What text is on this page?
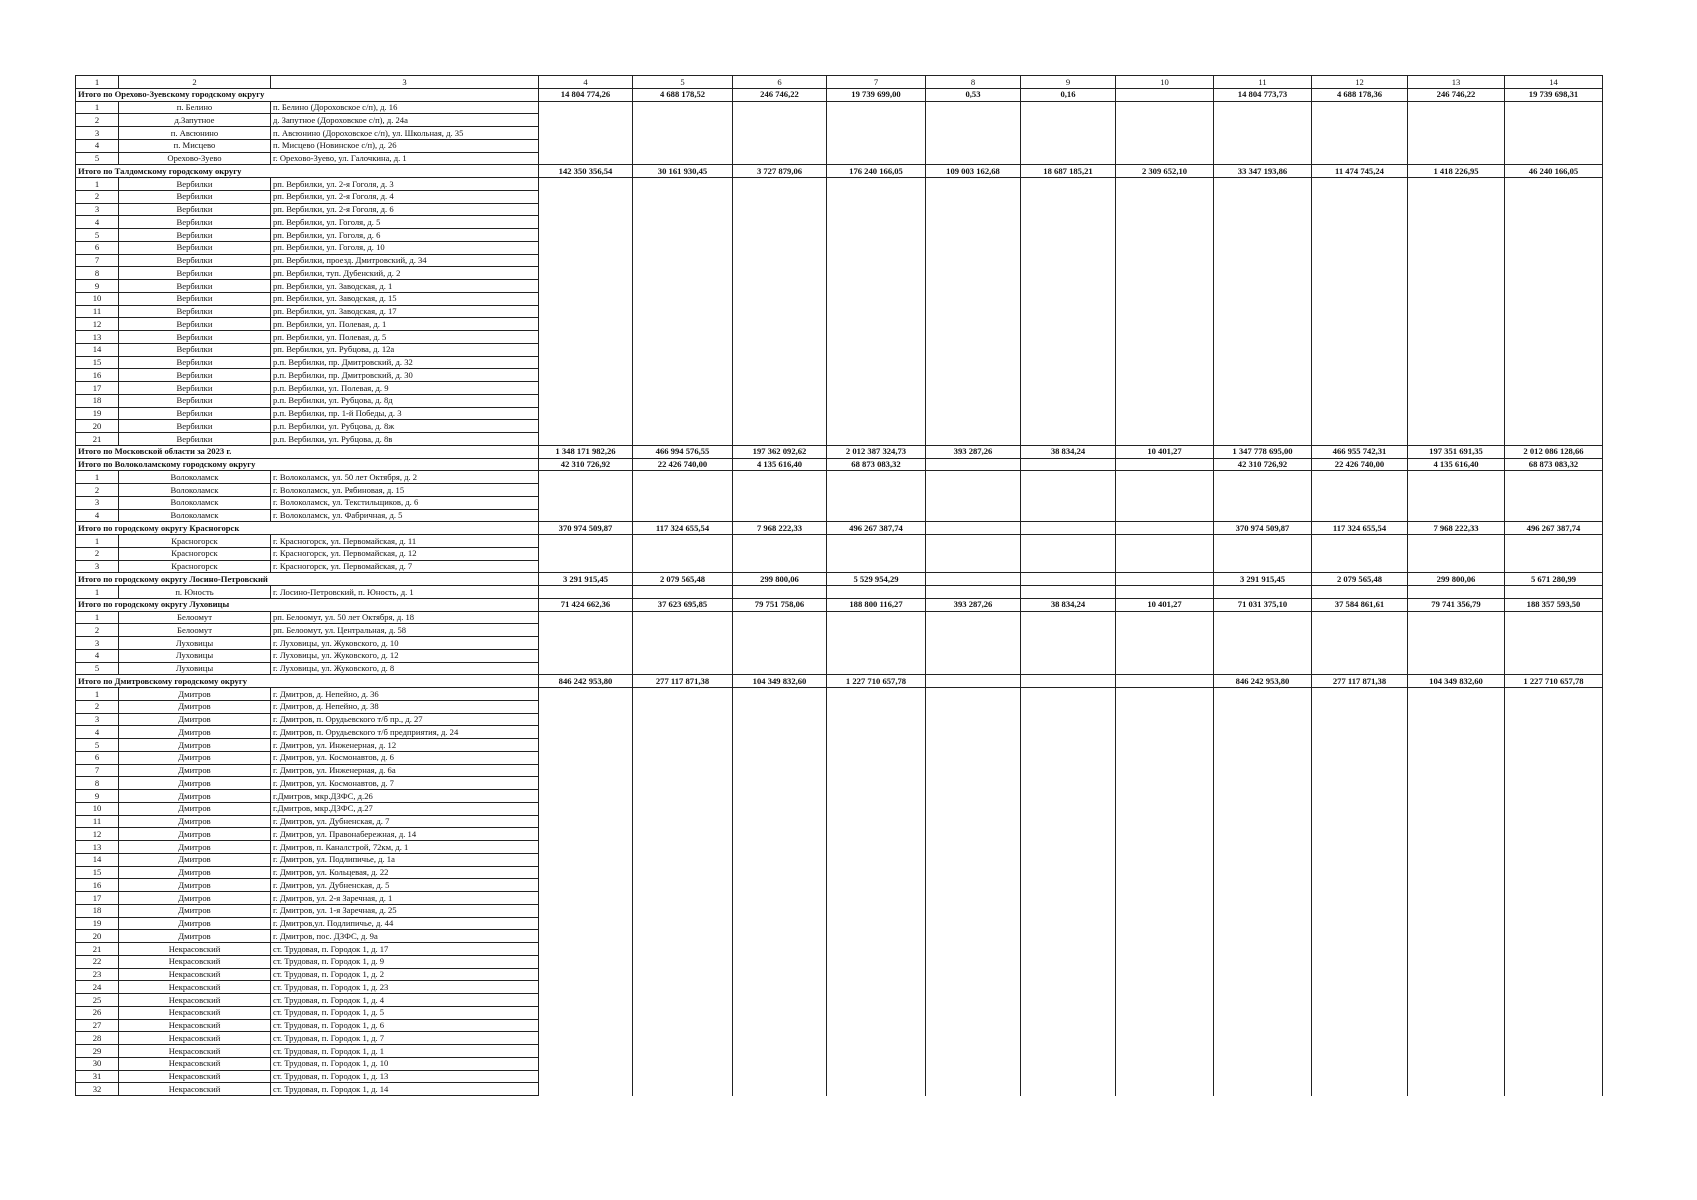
1	2	3	4	5	6	7	8	9	10	11	12	13	14
Итого по Орехово-Зуевскому городскому округу			14 804 774,26	4 688 178,52	246 746,22	19 739 699,00	0,53	0,16		14 804 773,73	4 688 178,36	246 746,22	19 739 698,31
1	п. Белино	п. Белино (Дороховское с/п), д. 16											
2	д.Запутное	д. Запутное (Дороховское с/п), д. 24а											
3	п. Авсюнино	п. Авсюнино (Дороховское с/п), ул. Школьная, д. 35											
4	п. Мисцево	п. Мисцево (Новинское с/п), д. 26											
5	Орехово-Зуево	г. Орехово-Зуево, ул. Галочкина, д. 1											
Итого по Талдомскому городскому округу			142 350 356,54	30 161 930,45	3 727 879,06	176 240 166,05	109 003 162,68	18 687 185,21	2 309 652,10	33 347 193,86	11 474 745,24	1 418 226,95	46 240 166,05
1	Вербилки	рп. Вербилки, ул. 2-я Гоголя, д. 3											
2	Вербилки	рп. Вербилки, ул. 2-я Гоголя, д. 4											
3	Вербилки	рп. Вербилки, ул. 2-я Гоголя, д. 6											
4	Вербилки	рп. Вербилки, ул. Гоголя, д. 5											
5	Вербилки	рп. Вербилки, ул. Гоголя, д. 6											
6	Вербилки	рп. Вербилки, ул. Гоголя, д. 10											
7	Вербилки	рп. Вербилки, проезд. Дмитровский, д. 34											
8	Вербилки	рп. Вербилки, туп. Дубенский, д. 2											
9	Вербилки	рп. Вербилки, ул. Заводская, д. 1											
10	Вербилки	рп. Вербилки, ул. Заводская, д. 15											
11	Вербилки	рп. Вербилки, ул. Заводская, д. 17											
12	Вербилки	рп. Вербилки, ул. Полевая, д. 1											
13	Вербилки	рп. Вербилки, ул. Полевая, д. 5											
14	Вербилки	рп. Вербилки, ул. Рубцова, д. 12а											
15	Вербилки	р.п. Вербилки, пр. Дмитровский, д. 32											
16	Вербилки	р.п. Вербилки, пр. Дмитровский, д. 30											
17	Вербилки	р.п. Вербилки, ул. Полевая, д. 9											
18	Вербилки	р.п. Вербилки, ул. Рубцова, д. 8д											
19	Вербилки	р.п. Вербилки, пр. 1-й Победы, д. 3											
20	Вербилки	р.п. Вербилки, ул. Рубцова, д. 8ж											
21	Вербилки	р.п. Вербилки, ул. Рубцова, д. 8в											
Итого по Московской области за 2023 г.			1 348 171 982,26	466 994 576,55	197 362 092,62	2 012 387 324,73	393 287,26	38 834,24	10 401,27	1 347 778 695,00	466 955 742,31	197 351 691,35	2 012 086 128,66
Итого по Волоколамскому городскому округу			42 310 726,92	22 426 740,00	4 135 616,40	68 873 083,32				42 310 726,92	22 426 740,00	4 135 616,40	68 873 083,32
1	Волоколамск	г. Волоколамск, ул. 50 лет Октября, д. 2											
2	Волоколамск	г. Волоколамск, ул. Рябиновая, д. 15											
3	Волоколамск	г. Волоколамск, ул. Текстильщиков, д. 6											
4	Волоколамск	г. Волоколамск, ул. Фабричная, д. 5											
Итого по городскому округу Красногорск			370 974 509,87	117 324 655,54	7 968 222,33	496 267 387,74				370 974 509,87	117 324 655,54	7 968 222,33	496 267 387,74
1	Красногорск	г. Красногорск, ул. Первомайская, д. 11											
2	Красногорск	г. Красногорск, ул. Первомайская, д. 12											
3	Красногорск	г. Красногорск, ул. Первомайская, д. 7											
Итого по городскому округу Лосино-Петровский			3 291 915,45	2 079 565,48	299 800,06	5 529 954,29				3 291 915,45	2 079 565,48	299 800,06	5 671 280,99
1	п. Юность	г. Лосино-Петровский, п. Юность, д. 1											
Итого по городскому округу Луховицы			71 424 662,36	37 623 695,85	79 751 758,06	188 800 116,27	393 287,26	38 834,24	10 401,27	71 031 375,10	37 584 861,61	79 741 356,79	188 357 593,50
1	Белоомут	рп. Белоомут, ул. 50 лет Октября, д. 18											
2	Белоомут	рп. Белоомут, ул. Центральная, д. 58											
3	Луховицы	г. Луховицы, ул. Жуковского, д. 10											
4	Луховицы	г. Луховицы, ул. Жуковского, д. 12											
5	Луховицы	г. Луховицы, ул. Жуковского, д. 8											
Итого по Дмитровскому городскому округу			846 242 953,80	277 117 871,38	104 349 832,60	1 227 710 657,78				846 242 953,80	277 117 871,38	104 349 832,60	1 227 710 657,78
1	Дмитров	г. Дмитров, д. Непейно, д. 36											
2	Дмитров	г. Дмитров, д. Непейно, д. 38											
3	Дмитров	г. Дмитров, п. Орудьевского т/б пр., д. 27											
4	Дмитров	г. Дмитров, п. Орудьевского т/б предприятия, д. 24											
5	Дмитров	г. Дмитров, ул. Инженерная, д. 12											
6	Дмитров	г. Дмитров, ул. Космонавтов, д. 6											
7	Дмитров	г. Дмитров, ул. Инженерная, д. 6а											
8	Дмитров	г. Дмитров, ул. Космонавтов, д. 7											
9	Дмитров	г.Дмитров, мкр.ДЗФС, д.26											
10	Дмитров	г.Дмитров, мкр.ДЗФС, д.27											
11	Дмитров	г. Дмитров, ул. Дубненская, д. 7											
12	Дмитров	г. Дмитров, ул. Правонабережная, д. 14											
13	Дмитров	г. Дмитров, п. Каналстрой, 72км, д. 1											
14	Дмитров	г. Дмитров, ул. Подлипичье, д. 1а											
15	Дмитров	г. Дмитров, ул. Кольцевая, д. 22											
16	Дмитров	г. Дмитров, ул. Дубненская, д. 5											
17	Дмитров	г. Дмитров, ул. 2-я Заречная, д. 1											
18	Дмитров	г. Дмитров, ул. 1-я Заречная, д. 25											
19	Дмитров	г. Дмитров,ул. Подлипичье, д. 44											
20	Дмитров	г. Дмитров, пос. ДЗФС, д. 9а											
21	Некрасовский	ст. Трудовая, п. Городок 1, д. 17											
22	Некрасовский	ст. Трудовая, п. Городок 1, д. 9											
23	Некрасовский	ст. Трудовая, п. Городок 1, д. 2											
24	Некрасовский	ст. Трудовая, п. Городок 1, д. 23											
25	Некрасовский	ст. Трудовая, п. Городок 1, д. 4											
26	Некрасовский	ст. Трудовая, п. Городок 1, д. 5											
27	Некрасовский	ст. Трудовая, п. Городок 1, д. 6											
28	Некрасовский	ст. Трудовая, п. Городок 1, д. 7											
29	Некрасовский	ст. Трудовая, п. Городок 1, д. 1											
30	Некрасовский	ст. Трудовая, п. Городок 1, д. 10											
31	Некрасовский	ст. Трудовая, п. Городок 1, д. 13											
32	Некрасовский	ст. Трудовая, п. Городок 1, д. 14											
